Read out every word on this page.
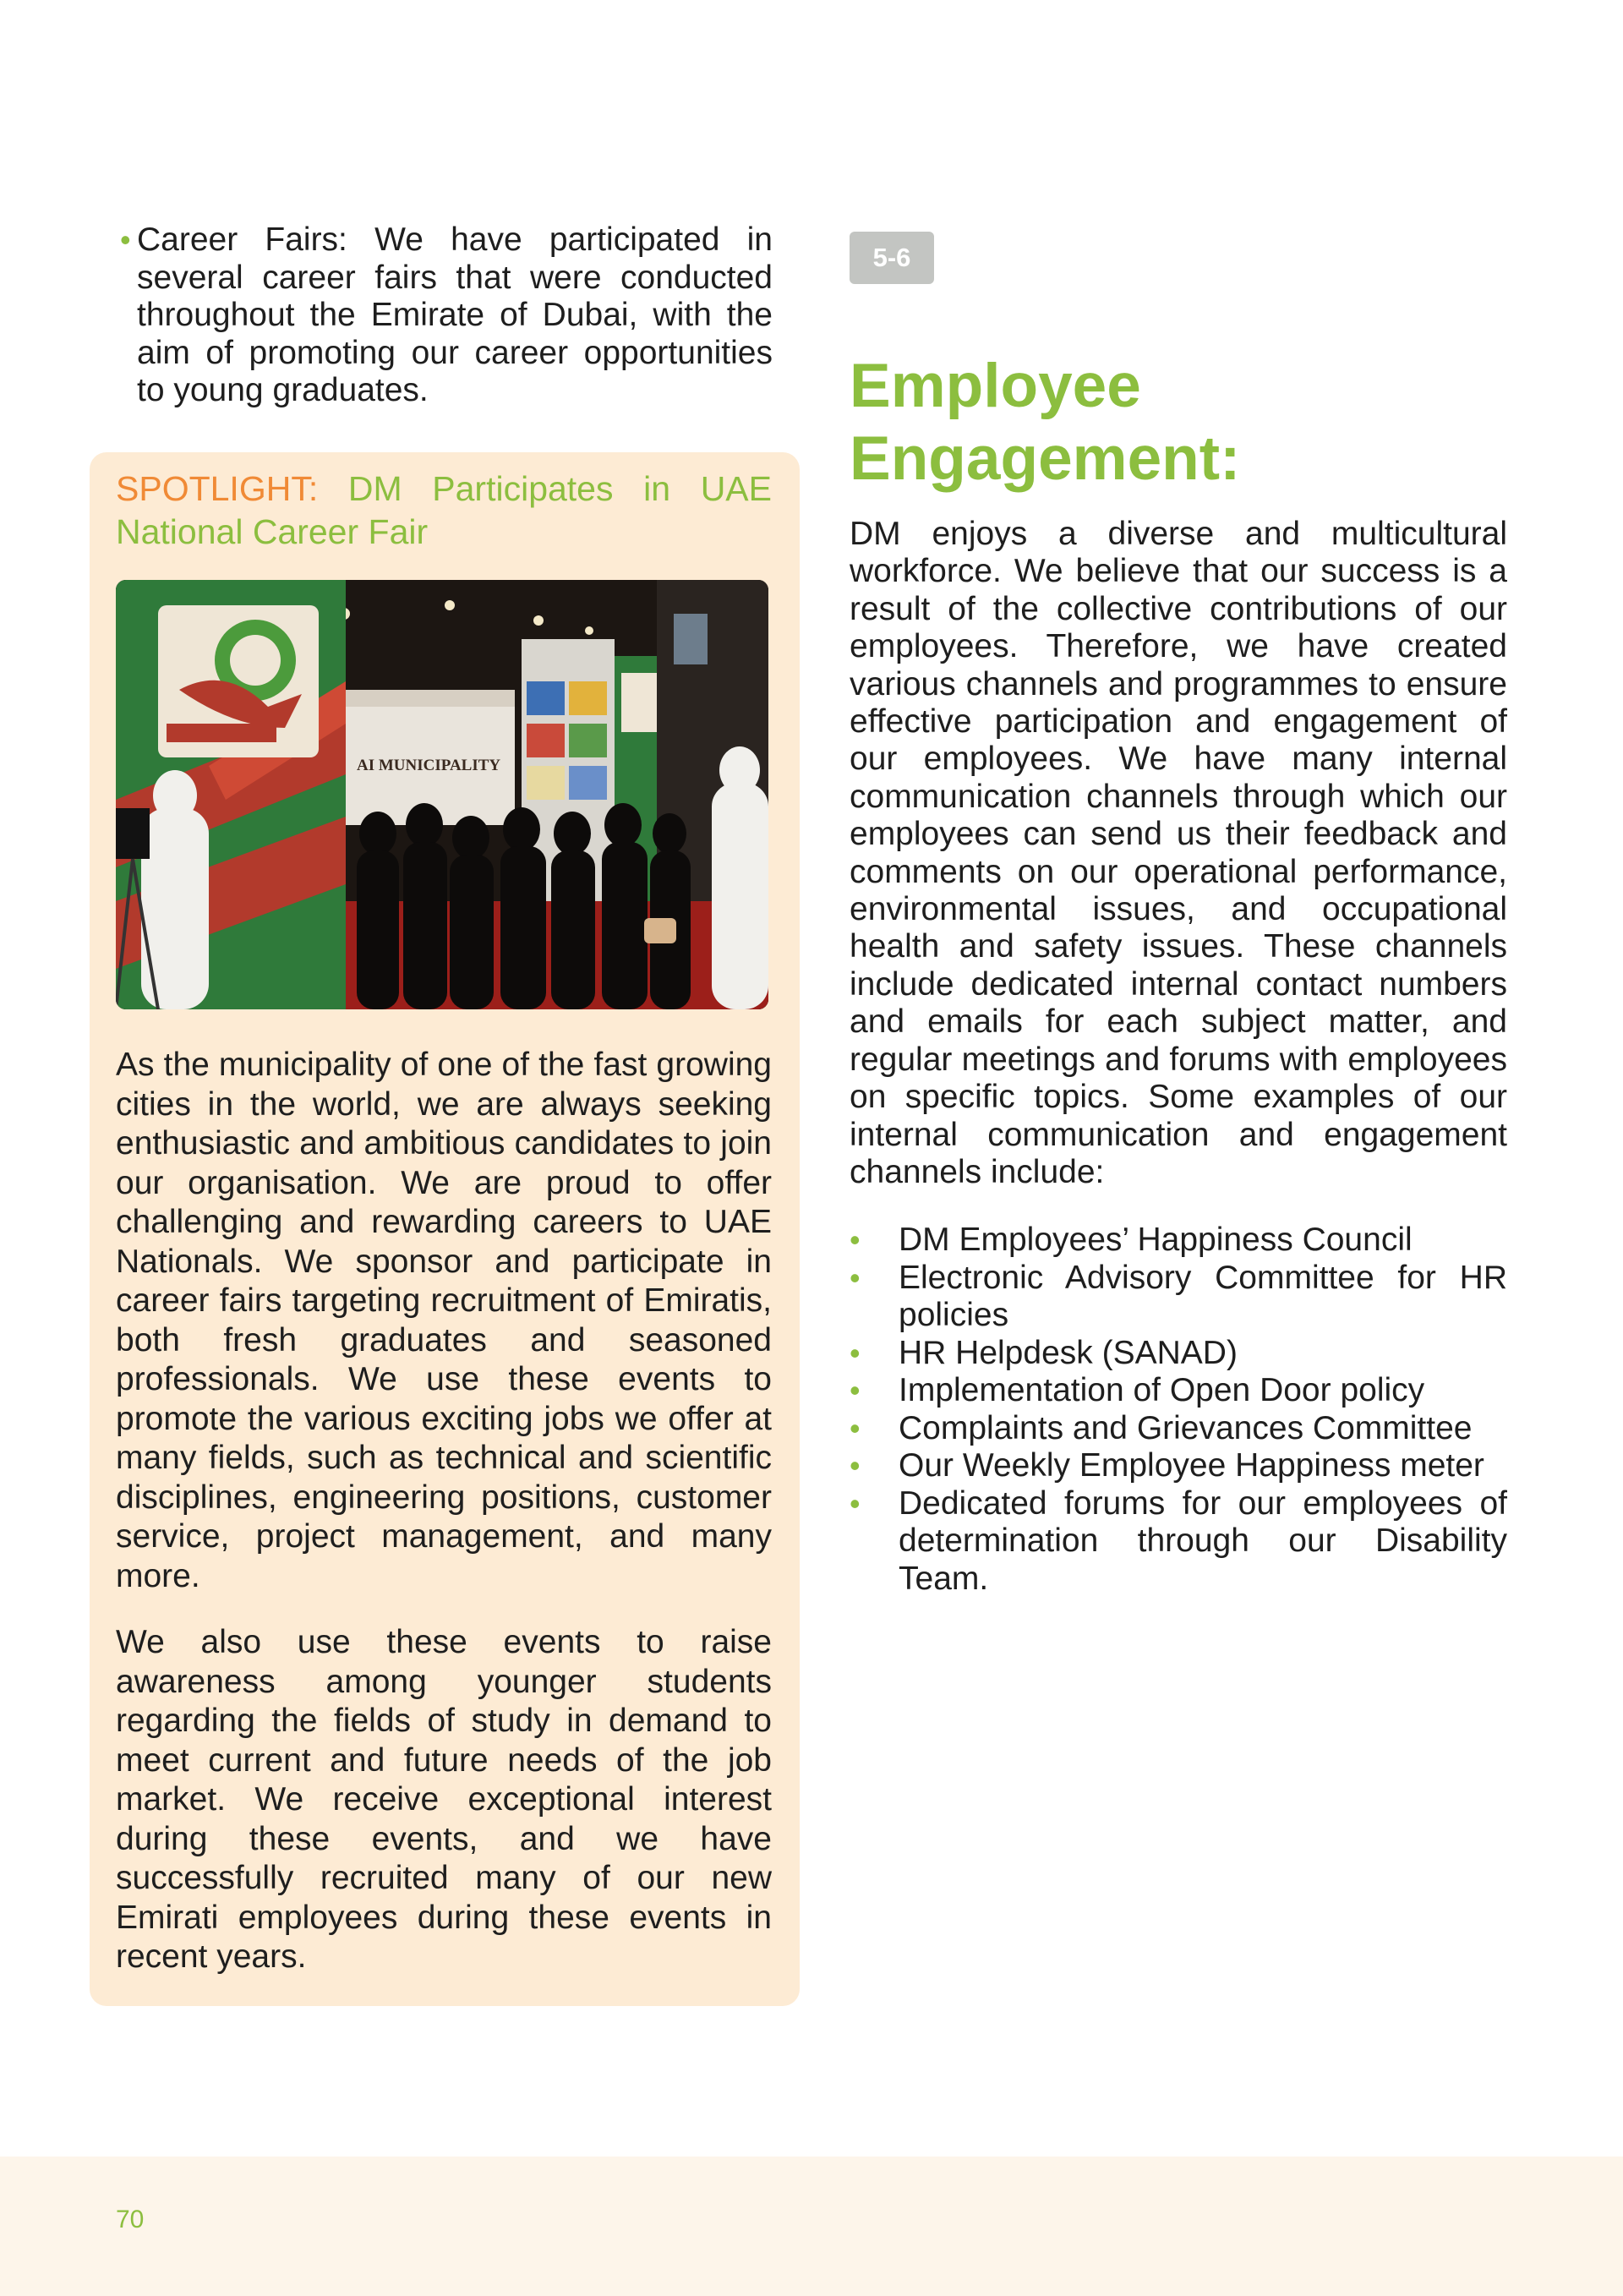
• Career Fairs: We have participated in several career fairs that were conducted throughout the Emirate of Dubai, with the aim of promoting our career opportunities to young graduates.
SPOTLIGHT: DM Participates in UAE National Career Fair
AI MUNICIPALITY

As the municipality of one of the fast growing cities in the world, we are always seeking enthusiastic and ambitious candidates to join our organisation. We are proud to offer challenging and rewarding careers to UAE Nationals. We sponsor and participate in career fairs targeting recruitment of Emiratis, both fresh graduates and seasoned professionals. We use these events to promote the various exciting jobs we offer at many fields, such as technical and scientific disciplines, engineering positions, customer service, project management, and many more.

We also use these events to raise awareness among younger students regarding the fields of study in demand to meet current and future needs of the job market. We receive exceptional interest during these events, and we have successfully recruited many of our new Emirati employees during these events in recent years.

5-6
Employee
Engagement:

DM enjoys a diverse and multicultural workforce. We believe that our success is a result of the collective contributions of our employees. Therefore, we have created various channels and programmes to ensure effective participation and engagement of our employees. We have many internal communication channels through which our employees can send us their feedback and comments on our operational performance, environmental issues, and occupational health and safety issues. These channels include dedicated internal contact numbers and emails for each subject matter, and regular meetings and forums with employees on specific topics. Some examples of our internal communication and engagement channels include:

• DM Employees’ Happiness Council
• Electronic Advisory Committee for HR policies
• HR Helpdesk (SANAD)
• Implementation of Open Door policy
• Complaints and Grievances Committee
• Our Weekly Employee Happiness meter
• Dedicated forums for our employees of determination through our Disability Team.
70
